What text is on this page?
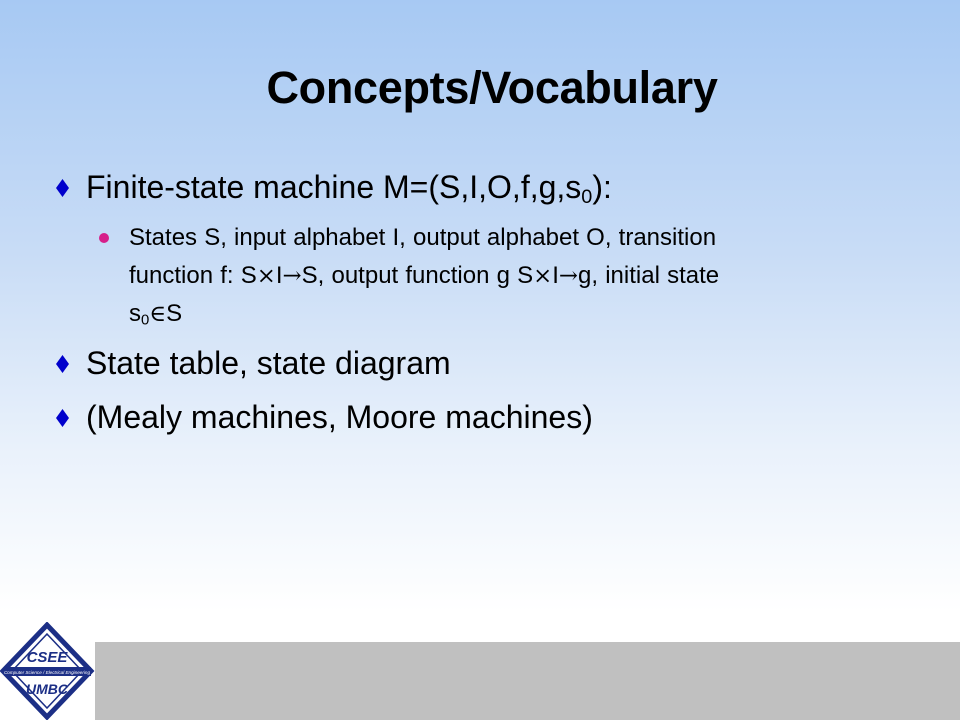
Concepts/Vocabulary
Finite-state machine $M=(S,I,O,f,g,s_0)$:
States S, input alphabet I, output alphabet O, transition
function f: S×I→S, output function g S×I→g, initial state
$s_0\in S$
State table, state diagram
(Mealy machines, Moore machines)
CSEE
Computer Science / Electrical Engineering
UMBC
